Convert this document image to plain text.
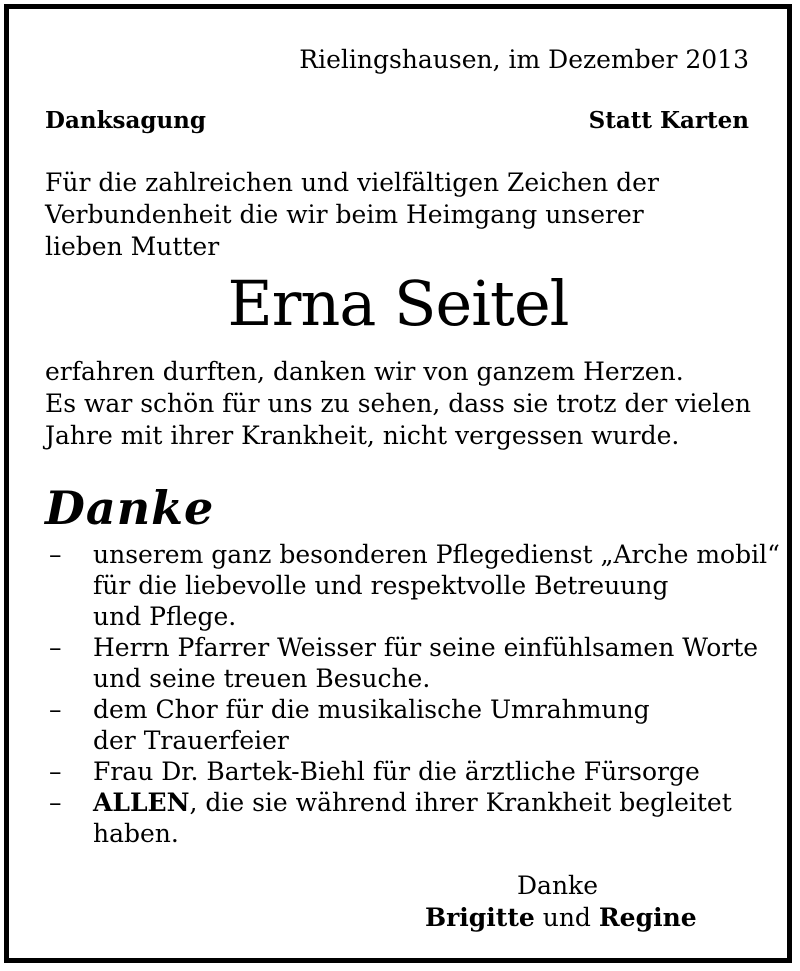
Rielingshausen, im Dezember 2013
Danksagung	Statt Karten
Für die zahlreichen und vielfältigen Zeichen der
Verbundenheit die wir beim Heimgang unserer
lieben Mutter
Erna Seitel
erfahren durften, danken wir von ganzem Herzen.
Es war schön für uns zu sehen, dass sie trotz der vielen
Jahre mit ihrer Krankheit, nicht vergessen wurde.
Danke
–	unserem ganz besonderen Pflegedienst „Arche mobil“
für die liebevolle und respektvolle Betreuung
und Pflege.
–	Herrn Pfarrer Weisser für seine einfühlsamen Worte
und seine treuen Besuche.
–	dem Chor für die musikalische Umrahmung
der Trauerfeier
–	Frau Dr. Bartek-Biehl für die ärztliche Fürsorge
–	ALLEN, die sie während ihrer Krankheit begleitet
haben.
Danke
Brigitte und Regine
